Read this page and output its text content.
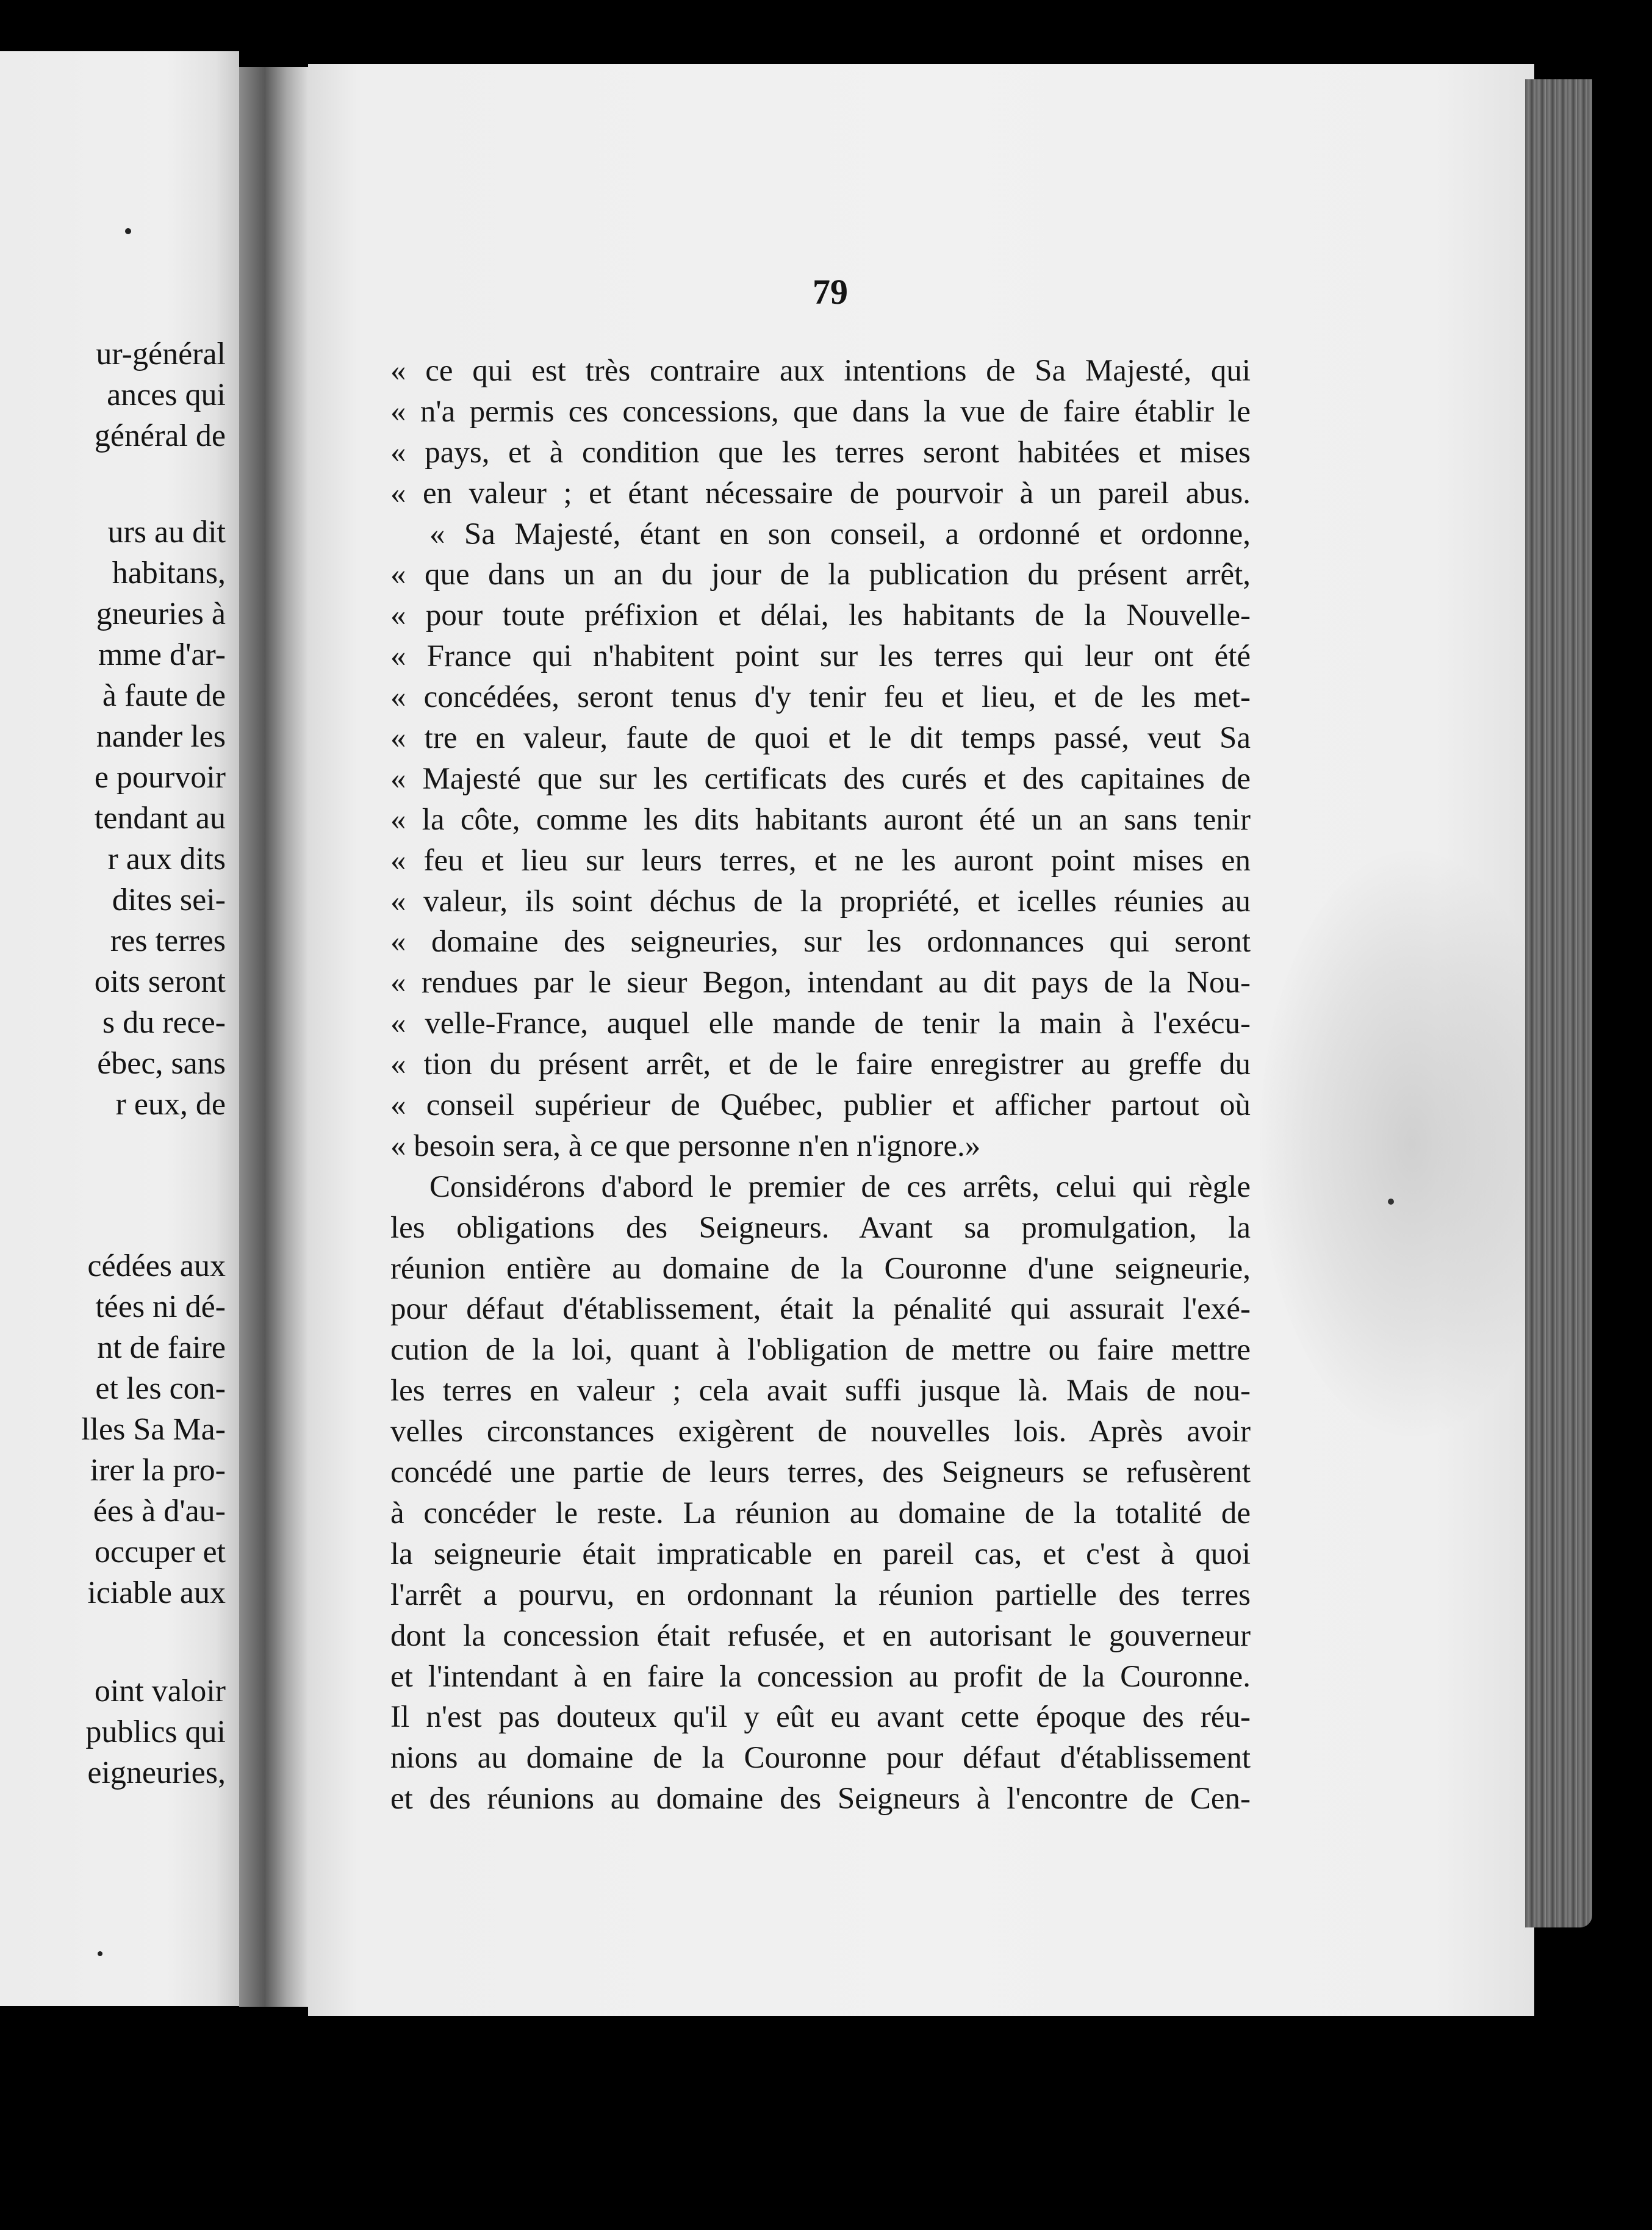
ur-général
ances qui
général de
urs au dit
habitans,
gneuries à
mme d'ar-
à faute de
nander les
e pourvoir
tendant au
r aux dits
dites sei-
res terres
oits seront
s du rece-
ébec, sans
r eux, de
cédées aux
tées ni dé-
nt de faire
et les con-
lles Sa Ma-
irer la pro-
ées à d'au-
occuper et
iciable aux
oint valoir
publics qui
eigneuries,
79
« ce qui est très contraire aux intentions de Sa Majesté, qui
« n'a permis ces concessions, que dans la vue de faire établir le
« pays, et à condition que les terres seront habitées et mises
« en valeur ; et étant nécessaire de pourvoir à un pareil abus.
« Sa Majesté, étant en son conseil, a ordonné et ordonne,
« que dans un an du jour de la publication du présent arrêt,
« pour toute préfixion et délai, les habitants de la Nouvelle-
« France qui n'habitent point sur les terres qui leur ont été
« concédées, seront tenus d'y tenir feu et lieu, et de les met-
« tre en valeur, faute de quoi et le dit temps passé, veut Sa
« Majesté que sur les certificats des curés et des capitaines de
« la côte, comme les dits habitants auront été un an sans tenir
« feu et lieu sur leurs terres, et ne les auront point mises en
« valeur, ils soint déchus de la propriété, et icelles réunies au
« domaine des seigneuries, sur les ordonnances qui seront
« rendues par le sieur Begon, intendant au dit pays de la Nou-
« velle-France, auquel elle mande de tenir la main à l'exécu-
« tion du présent arrêt, et de le faire enregistrer au greffe du
« conseil supérieur de Québec, publier et afficher partout où
« besoin sera, à ce que personne n'en n'ignore.»
Considérons d'abord le premier de ces arrêts, celui qui règle
les obligations des Seigneurs. Avant sa promulgation, la
réunion entière au domaine de la Couronne d'une seigneurie,
pour défaut d'établissement, était la pénalité qui assurait l'exé-
cution de la loi, quant à l'obligation de mettre ou faire mettre
les terres en valeur ; cela avait suffi jusque là. Mais de nou-
velles circonstances exigèrent de nouvelles lois. Après avoir
concédé une partie de leurs terres, des Seigneurs se refusèrent
à concéder le reste. La réunion au domaine de la totalité de
la seigneurie était impraticable en pareil cas, et c'est à quoi
l'arrêt a pourvu, en ordonnant la réunion partielle des terres
dont la concession était refusée, et en autorisant le gouverneur
et l'intendant à en faire la concession au profit de la Couronne.
Il n'est pas douteux qu'il y eût eu avant cette époque des réu-
nions au domaine de la Couronne pour défaut d'établissement
et des réunions au domaine des Seigneurs à l'encontre de Cen-
